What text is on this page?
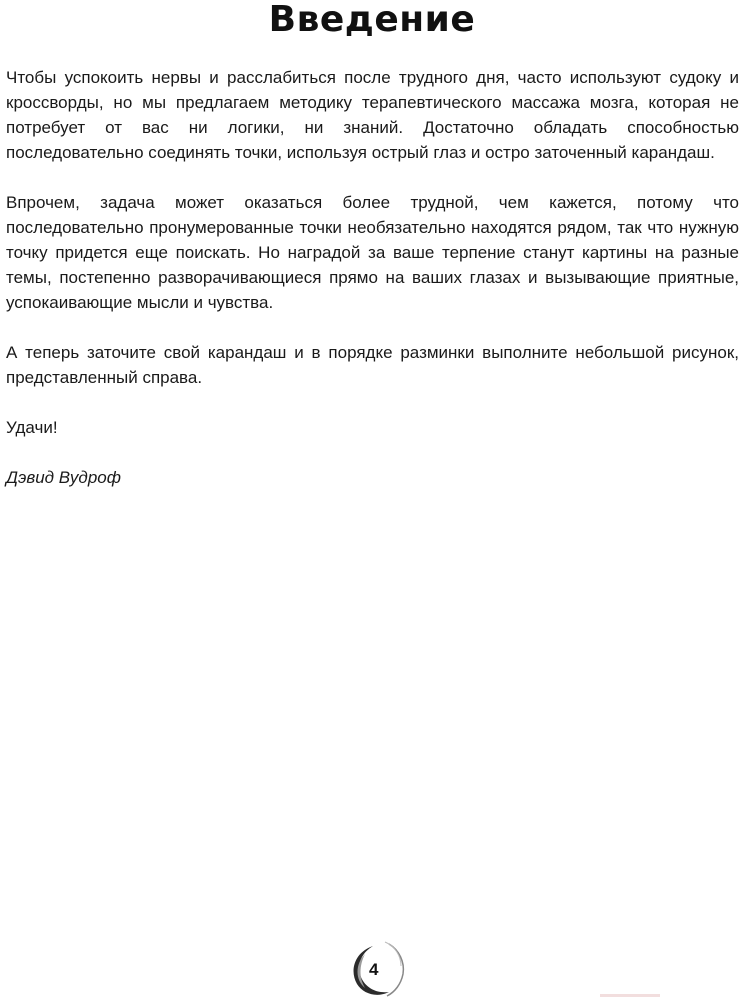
Введение

Чтобы успокоить нервы и расслабиться после трудного дня, часто используют судоку и кроссворды, но мы предлагаем методику терапевтического массажа мозга, которая не потребует от вас ни логики, ни знаний. Достаточно обладать способностью последовательно соединять точки, используя острый глаз и остро заточенный карандаш.

Впрочем, задача может оказаться более трудной, чем кажется, потому что последовательно пронумерованные точки необязательно находятся рядом, так что нужную точку придется еще поискать. Но наградой за ваше терпение станут картины на разные темы, постепенно разворачивающиеся прямо на ваших глазах и вызывающие приятные, успокаивающие мысли и чувства.

А теперь заточите свой карандаш и в порядке разминки выполните небольшой рисунок, представленный справа.

Удачи!

Дэвид Вудроф

4
